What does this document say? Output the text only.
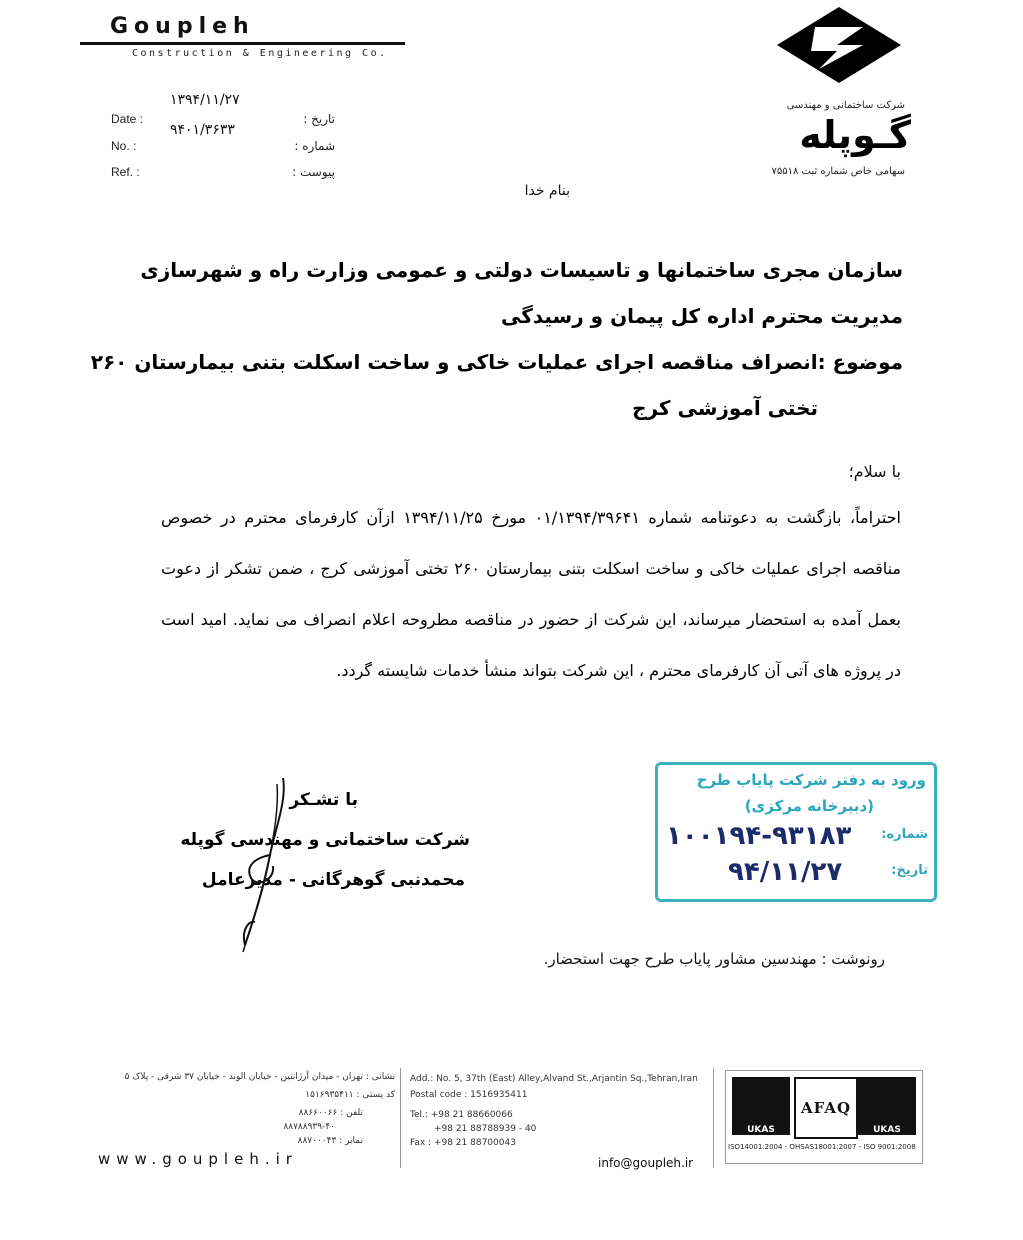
Goupleh
Construction & Engineering Co.
شرکت ساختمانی و مهندسی
گـوپله
سهامی خاص شماره ثبت ۷۵۵۱۸
Date :
No. :
Ref. :
۱۳۹۴/۱۱/۲۷
۹۴۰۱/۳۶۳۳
تاریخ :
شماره :
پیوست :
بنام خدا
سازمان مجری ساختمانها و تاسیسات دولتی و عمومی وزارت راه و شهرسازی
مدیریت محترم اداره کل پیمان و رسیدگی
موضوع :انصراف مناقصه اجرای عملیات خاکی و ساخت اسکلت بتنی بیمارستان ۲۶۰
تختی آموزشی کرج
با سلام؛
احتراماً، بازگشت به دعوتنامه شماره ۰۱/۱۳۹۴/۳۹۶۴۱ مورخ ۱۳۹۴/۱۱/۲۵ ازآن کارفرمای محترم در خصوص مناقصه اجرای عملیات خاکی و ساخت اسکلت بتنی بیمارستان ۲۶۰ تختی آموزشی کرج ، ضمن تشکر از دعوت بعمل آمده به استحضار میرساند، این شرکت از حضور در مناقصه مطروحه اعلام انصراف می نماید. امید است در پروژه های آتی آن کارفرمای محترم ، این شرکت بتواند منشأ خدمات شایسته گردد.
ورود به دفتر شرکت پایاب طرح
(دبیرخانه مرکزی)
شماره:
۱۰۰۱۹۴-۹۳۱۸۳
تاریخ:
۹۴/۱۱/۲۷
با تشـکر
شرکت ساختمانی و مهندسی گوپله
محمدنبی گوهرگانی - مدیرعامل
رونوشت : مهندسین مشاور پایاب طرح جهت استحضار.
نشانی : تهران - میدان آرژانتین - خیابان الوند - خیابان ۳۷ شرقی - پلاک ۵
کد پستی : ۱۵۱۶۹۳۵۴۱۱
تلفن : ۸۸۶۶۰۰۶۶
۸۸۷۸۸۹۳۹-۴۰
نمابر : ۸۸۷۰۰۰۴۳
Add.: No. 5, 37th (East) Alley,Alvand St.,Arjantin Sq.,Tehran,Iran
Postal code : 1516935411
Tel.: +98 21 88660066
+98 21 88788939 - 40
Fax : +98 21 88700043
www.goupleh.ir	info@goupleh.ir
UKAS
AFAQ
UKAS
ISO14001:2004 - OHSAS18001:2007 - ISO 9001:2008
